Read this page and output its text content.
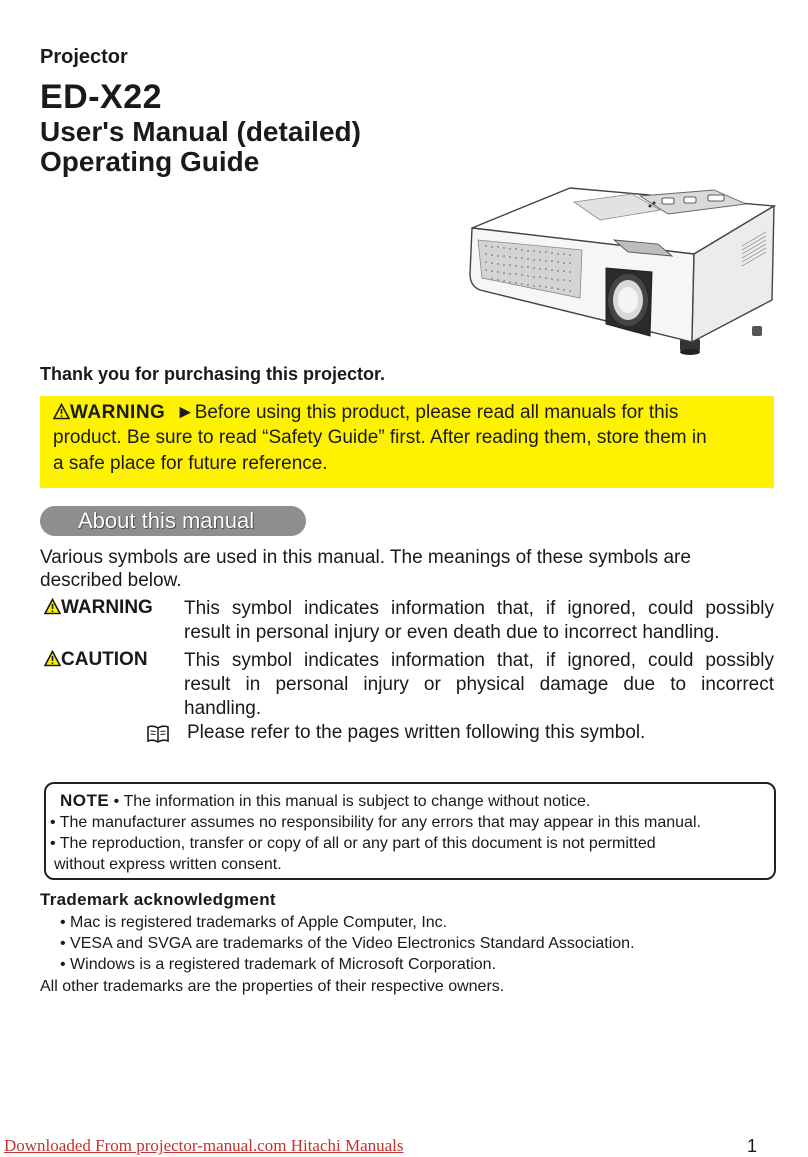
Projector
ED-X22
User's Manual (detailed)
Operating Guide
Thank you for purchasing this projector.
WARNING ►Before using this product, please read all manuals for this
product. Be sure to read “Safety Guide” first. After reading them, store them in
a safe place for future reference.
About this manual
Various symbols are used in this manual. The meanings of these symbols are
described below.
WARNING This symbol indicates information that, if ignored, could possibly
result in personal injury or even death due to incorrect handling.
CAUTION This symbol indicates information that, if ignored, could possibly
result in personal injury or physical damage due to incorrect
handling.
Please refer to the pages written following this symbol.
NOTE • The information in this manual is subject to change without notice.
• The manufacturer assumes no responsibility for any errors that may appear in this manual.
• The reproduction, transfer or copy of all or any part of this document is not permitted
without express written consent.
Trademark acknowledgment
• Mac is registered trademarks of Apple Computer, Inc.
• VESA and SVGA are trademarks of the Video Electronics Standard Association.
• Windows is a registered trademark of Microsoft Corporation.
All other trademarks are the properties of their respective owners.
Downloaded From projector-manual.com Hitachi Manuals	1
